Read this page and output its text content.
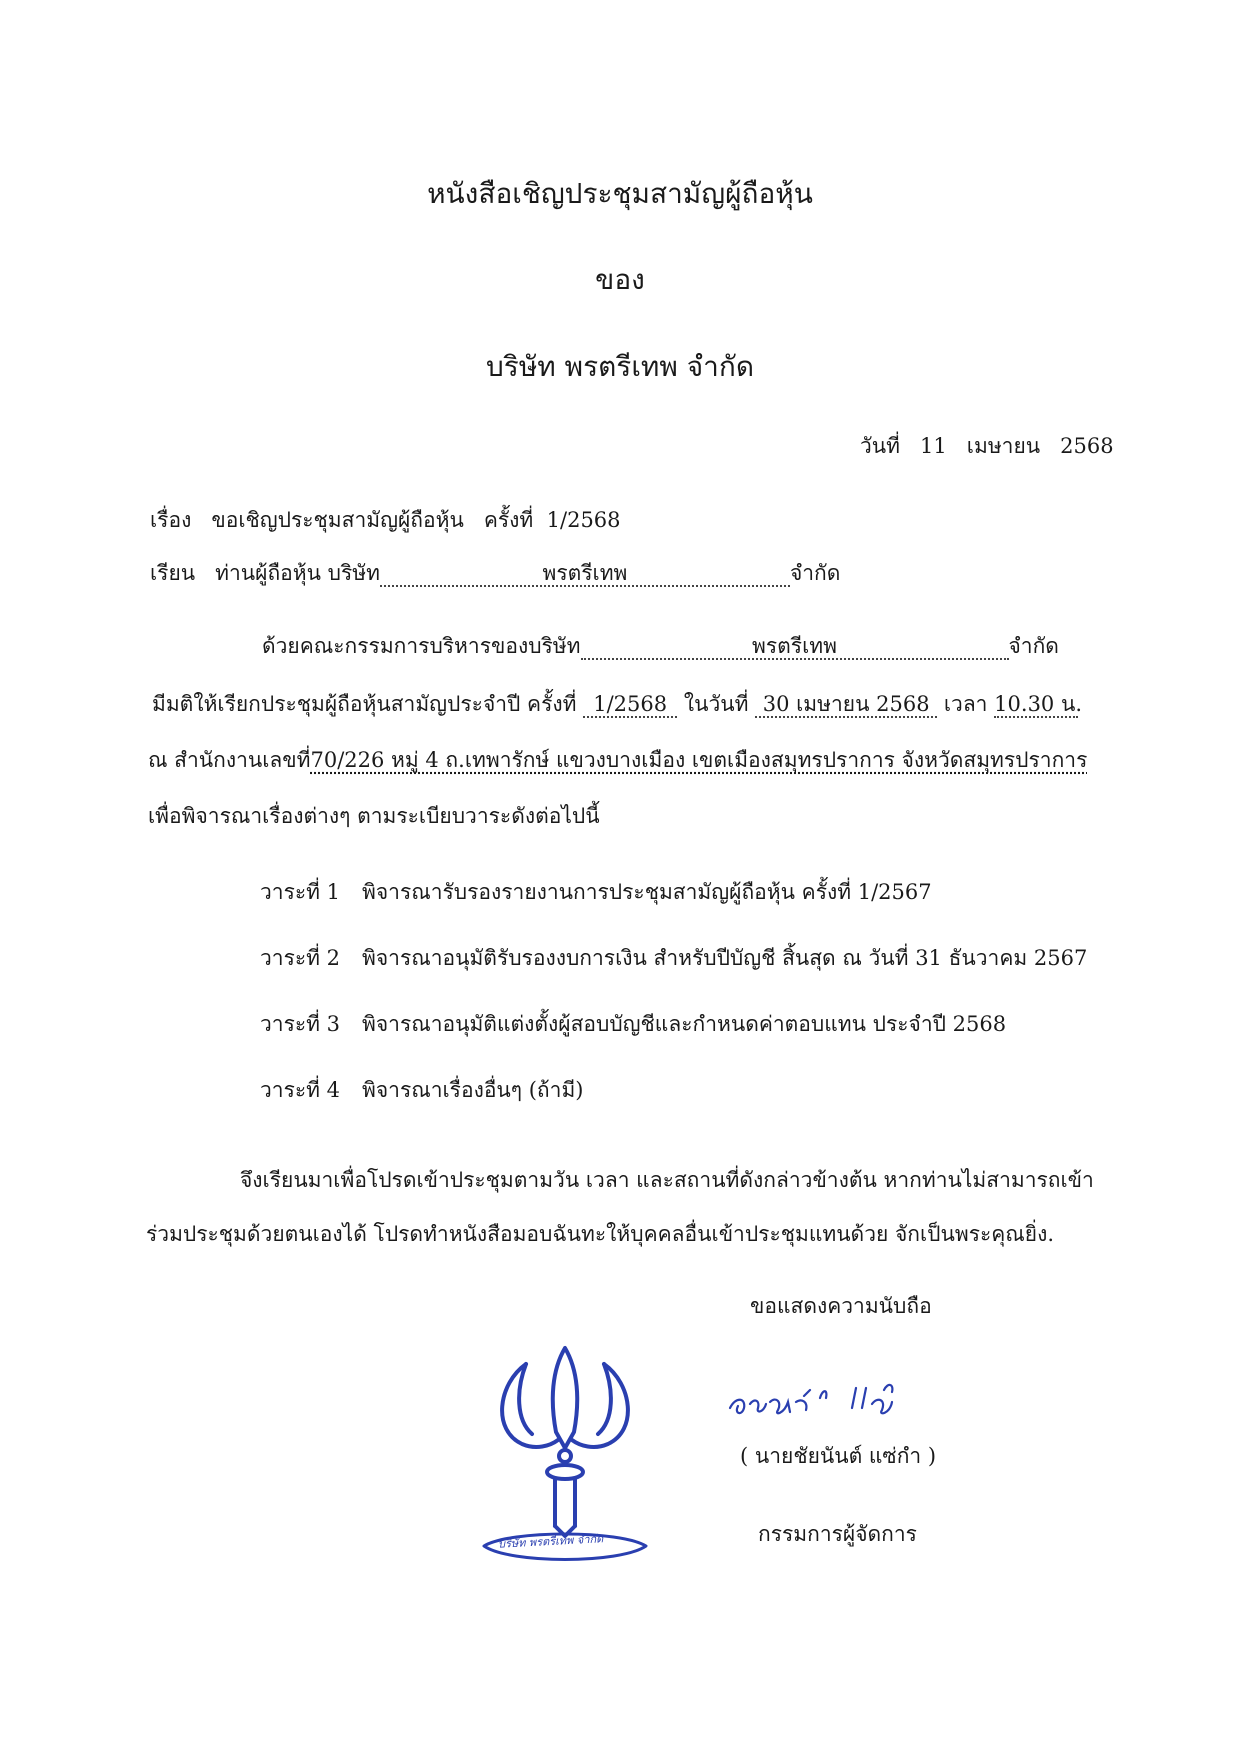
หนังสือเชิญประชุมสามัญผู้ถือหุ้น
ของ
บริษัท พรตรีเทพ จำกัด
วันที่ 11 เมษายน 2568
เรื่อง ขอเชิญประชุมสามัญผู้ถือหุ้น ครั้งที่ 1/2568
เรียน ท่านผู้ถือหุ้น บริษัท	พรตรีเทพ	จำกัด
ด้วยคณะกรรมการบริหารของบริษัท	พรตรีเทพ	จำกัด
มีมติให้เรียกประชุมผู้ถือหุ้นสามัญประจำปี ครั้งที่ 1/2568 ในวันที่ 30 เมษายน 2568 เวลา 10.30 น.
ณ สำนักงานเลขที่70/226 หมู่ 4 ถ.เทพารักษ์ แขวงบางเมือง เขตเมืองสมุทรปราการ จังหวัดสมุทรปราการ
เพื่อพิจารณาเรื่องต่างๆ ตามระเบียบวาระดังต่อไปนี้
วาระที่ 1 พิจารณารับรองรายงานการประชุมสามัญผู้ถือหุ้น ครั้งที่ 1/2567
วาระที่ 2 พิจารณาอนุมัติรับรองงบการเงิน สำหรับปีบัญชี สิ้นสุด ณ วันที่ 31 ธันวาคม 2567
วาระที่ 3 พิจารณาอนุมัติแต่งตั้งผู้สอบบัญชีและกำหนดค่าตอบแทน ประจำปี 2568
วาระที่ 4 พิจารณาเรื่องอื่นๆ (ถ้ามี)
จึงเรียนมาเพื่อโปรดเข้าประชุมตามวัน เวลา และสถานที่ดังกล่าวข้างต้น หากท่านไม่สามารถเข้า
ร่วมประชุมด้วยตนเองได้ โปรดทำหนังสือมอบฉันทะให้บุคคลอื่นเข้าประชุมแทนด้วย จักเป็นพระคุณยิ่ง.
ขอแสดงความนับถือ
บริษัท พรตรีเทพ จำกัด
( นายชัยนันต์ แซ่กำ )
กรรมการผู้จัดการ
